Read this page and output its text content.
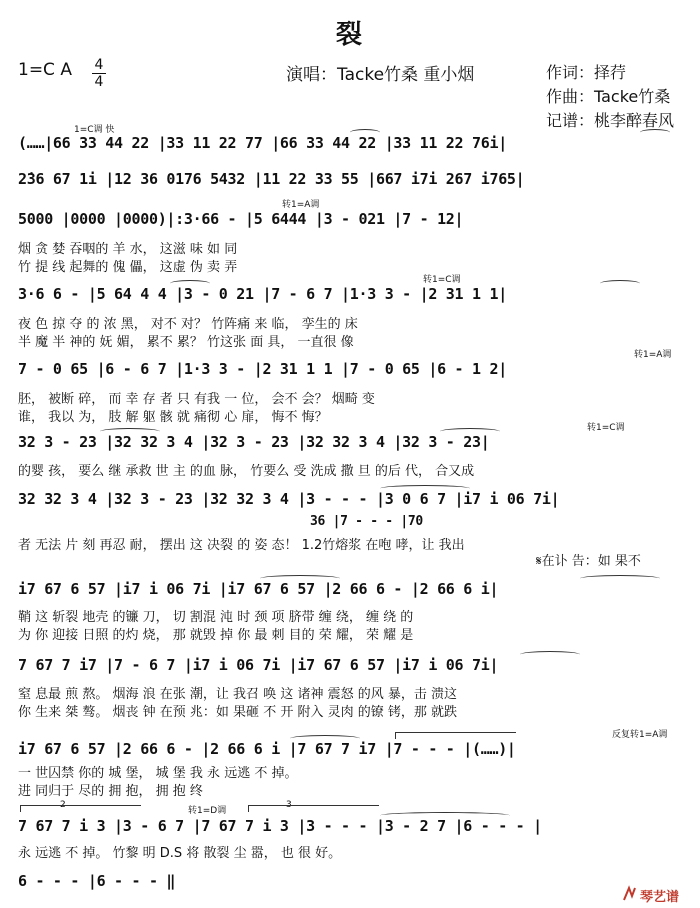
裂
1=C A 4
4	演唱：Tacke竹桑 重小烟	作词：择荇
作曲：Tacke竹桑
记谱：桃李醉春风
1=C调 快
(……|66 33 44 22 |33 11 22 77 |66 33 44 22 |33 11 22 76i|
2̇36 67 1i |12 36 0176 5432 |11 22 33 55 |667 i7i 267 i765|
转1=A调
5000 |0000 |0000)|:3·66 - |5 6444 |3 - 021 |7 - 12|
烟 贪 婪 吞咽的 羊 水， 这滋 味 如 同
竹 提 线 起舞的 傀 儡， 这虚 伪 卖 弄
转1=C调
3·6 6 - |5 64 4 4 |3 - 0 21 |7 - 6 7 |1·3 3 - |2 31 1 1|
夜 色 掠 夺 的 浓 黑， 对不 对？ 竹阵痛 来 临， 孪生的 床
半 魔 半 神的 妩 媚， 累不 累？ 竹这张 面 具， 一直很 像
转1=A调
7 - 0 65 |6 - 6 7 |1·3 3 - |2 31 1 1 |7 - 0 65 |6 - 1 2|
胚， 被断 碎， 而 幸 存 者 只 有我 一 位， 会不 会？ 烟畸 变
谁， 我以 为， 肢 解 躯 骸 就 痛彻 心 扉， 悔不 悔？
转1=C调
32 3 - 23 |32 32 3 4 |32 3 - 23 |32 32 3 4 |32 3 - 23|
的婴 孩， 要么 继 承救 世 主 的血 脉， 竹要么 受 洗成 撒 旦 的后 代， 合又成
32 32 3 4 |32 3 - 23 |32 32 3 4 |3 - - - |3 0 6 7 |i7 i 06 7i|
36 |7 - - - |70
者 无法 片 刻 再忍 耐， 摆出 这 决裂 的 姿 态！ 1.2竹熔浆 在咆 哮，让 我出
𝄋在讣 告：如 果不
i7 67 6 57 |i7 i 06 7i |i7 67 6 57 |2 66 6 - |2 66 6 i|
鞘 这 斩裂 地壳 的镰 刀， 切 割混 沌 时 颈 项 脐带 缠 绕， 缠 绕 的
为 你 迎接 日照 的灼 烧， 那 就毁 掉 你 最 刺 目的 荣 耀， 荣 耀 是
7 67 7 i7 |7 - 6 7 |i7 i 06 7i |i7 67 6 57 |i7 i 06 7i|
窒 息最 煎 熬。 烟海 浪 在张 潮，让 我召 唤 这 诸神 震怒 的风 暴，击 溃这
你 生来 桀 骜。 烟丧 钟 在预 兆：如 果砸 不 开 附入 灵肉 的镣 铐，那 就跌
反复转1=A调
i7 67 6 57 |2 66 6 - |2 66 6 i |7 67 7 i7 |7 - - - |(……)|
一 世囚禁 你的 城 堡， 城 堡 我 永 远逃 不 掉。
进 同归于 尽的 拥 抱， 拥 抱 终
2
转1=D调
3
7 67 7 i 3 |3 - 6 7 |7 67 7 i 3 |3 - - - |3 - 2 7 |6 - - - |
永 远逃 不 掉。 竹黎 明 D.S 将 散裂 尘 嚣， 也 很 好。
6 - - - |6 - - - ‖
琴艺谱
